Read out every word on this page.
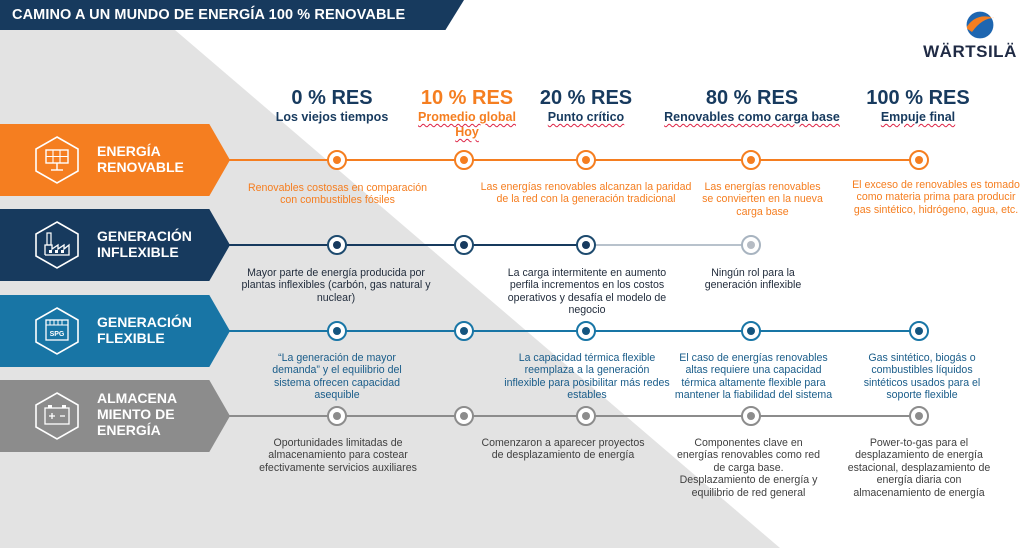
CAMINO A UN MUNDO DE ENERGÍA 100 % RENOVABLE
WÄRTSILÄ
0 % RES
Los viejos tiempos
10 % RES
Promedio global Hoy
20 % RES
Punto crítico
80 % RES
Renovables como carga base
100 % RES
Empuje final
ENERGÍA
RENOVABLE
Renovables costosas en comparación con combustibles fósiles
Las energías renovables alcanzan la paridad de la red con la generación tradicional
Las energías renovables se convierten en la nueva carga base
El exceso de renovables es tomado como materia prima para producir gas sintético, hidrógeno, agua, etc.
GENERACIÓN
INFLEXIBLE
Mayor parte de energía producida por plantas inflexibles (carbón, gas natural y nuclear)
La carga intermitente en aumento perfila incrementos en los costos operativos y desafía el modelo de negocio
Ningún rol para la generación inflexible
SPG
GENERACIÓN
FLEXIBLE
“La generación de mayor demanda” y el equilibrio del sistema ofrecen capacidad asequible
La capacidad térmica flexible reemplaza a la generación inflexible para posibilitar más redes estables
El caso de energías renovables altas requiere una capacidad térmica altamente flexible para mantener la fiabilidad del sistema
Gas sintético, biogás o combustibles líquidos sintéticos usados para el soporte flexible
ALMACENA
MIENTO DE
ENERGÍA
Oportunidades limitadas de almacenamiento para costear efectivamente servicios auxiliares
Comenzaron a aparecer proyectos de desplazamiento de energía
Componentes clave en energías renovables como red de carga base. Desplazamiento de energía y equilibrio de red general
Power-to-gas para el desplazamiento de energía estacional, desplazamiento de energía diaria con almacenamiento de energía
